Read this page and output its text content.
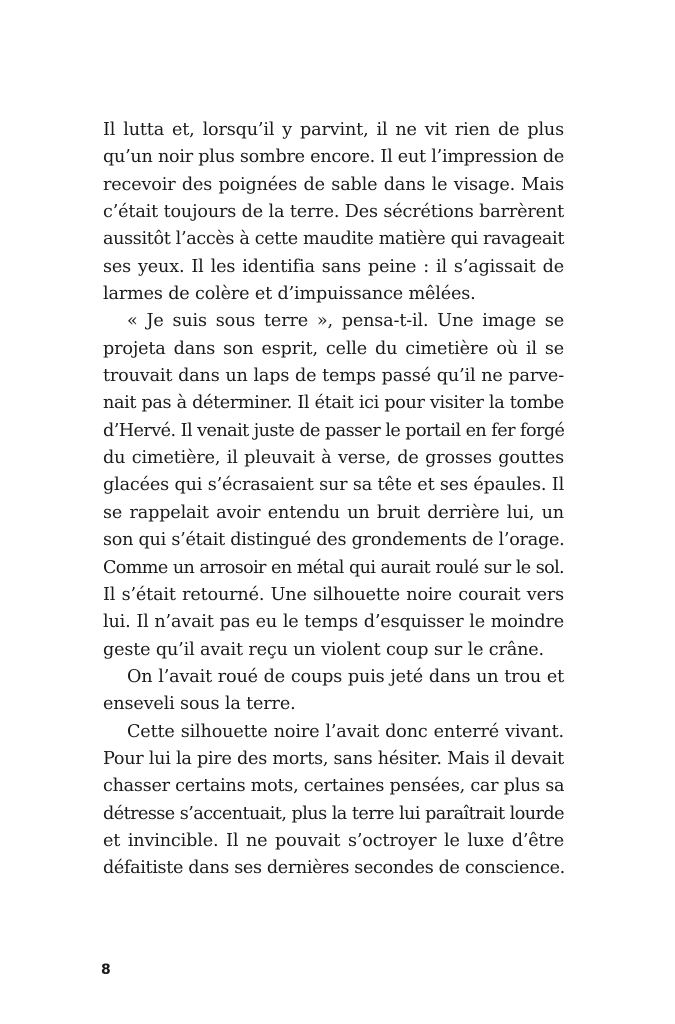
Il lutta et, lorsqu’il y parvint, il ne vit rien de plus
qu’un noir plus sombre encore. Il eut l’impression de
recevoir des poignées de sable dans le visage. Mais
c’était toujours de la terre. Des sécrétions barrèrent
aussitôt l’accès à cette maudite matière qui ravageait
ses yeux. Il les identifia sans peine : il s’agissait de
larmes de colère et d’impuissance mêlées.
« Je suis sous terre », pensa-t-il. Une image se
projeta dans son esprit, celle du cimetière où il se
trouvait dans un laps de temps passé qu’il ne parve-
nait pas à déterminer. Il était ici pour visiter la tombe
d’Hervé. Il venait juste de passer le portail en fer forgé
du cimetière, il pleuvait à verse, de grosses gouttes
glacées qui s’écrasaient sur sa tête et ses épaules. Il
se rappelait avoir entendu un bruit derrière lui, un
son qui s’était distingué des grondements de l’orage.
Comme un arrosoir en métal qui aurait roulé sur le sol.
Il s’était retourné. Une silhouette noire courait vers
lui. Il n’avait pas eu le temps d’esquisser le moindre
geste qu’il avait reçu un violent coup sur le crâne.
On l’avait roué de coups puis jeté dans un trou et
enseveli sous la terre.
Cette silhouette noire l’avait donc enterré vivant.
Pour lui la pire des morts, sans hésiter. Mais il devait
chasser certains mots, certaines pensées, car plus sa
détresse s’accentuait, plus la terre lui paraîtrait lourde
et invincible. Il ne pouvait s’octroyer le luxe d’être
défaitiste dans ses dernières secondes de conscience.
8
